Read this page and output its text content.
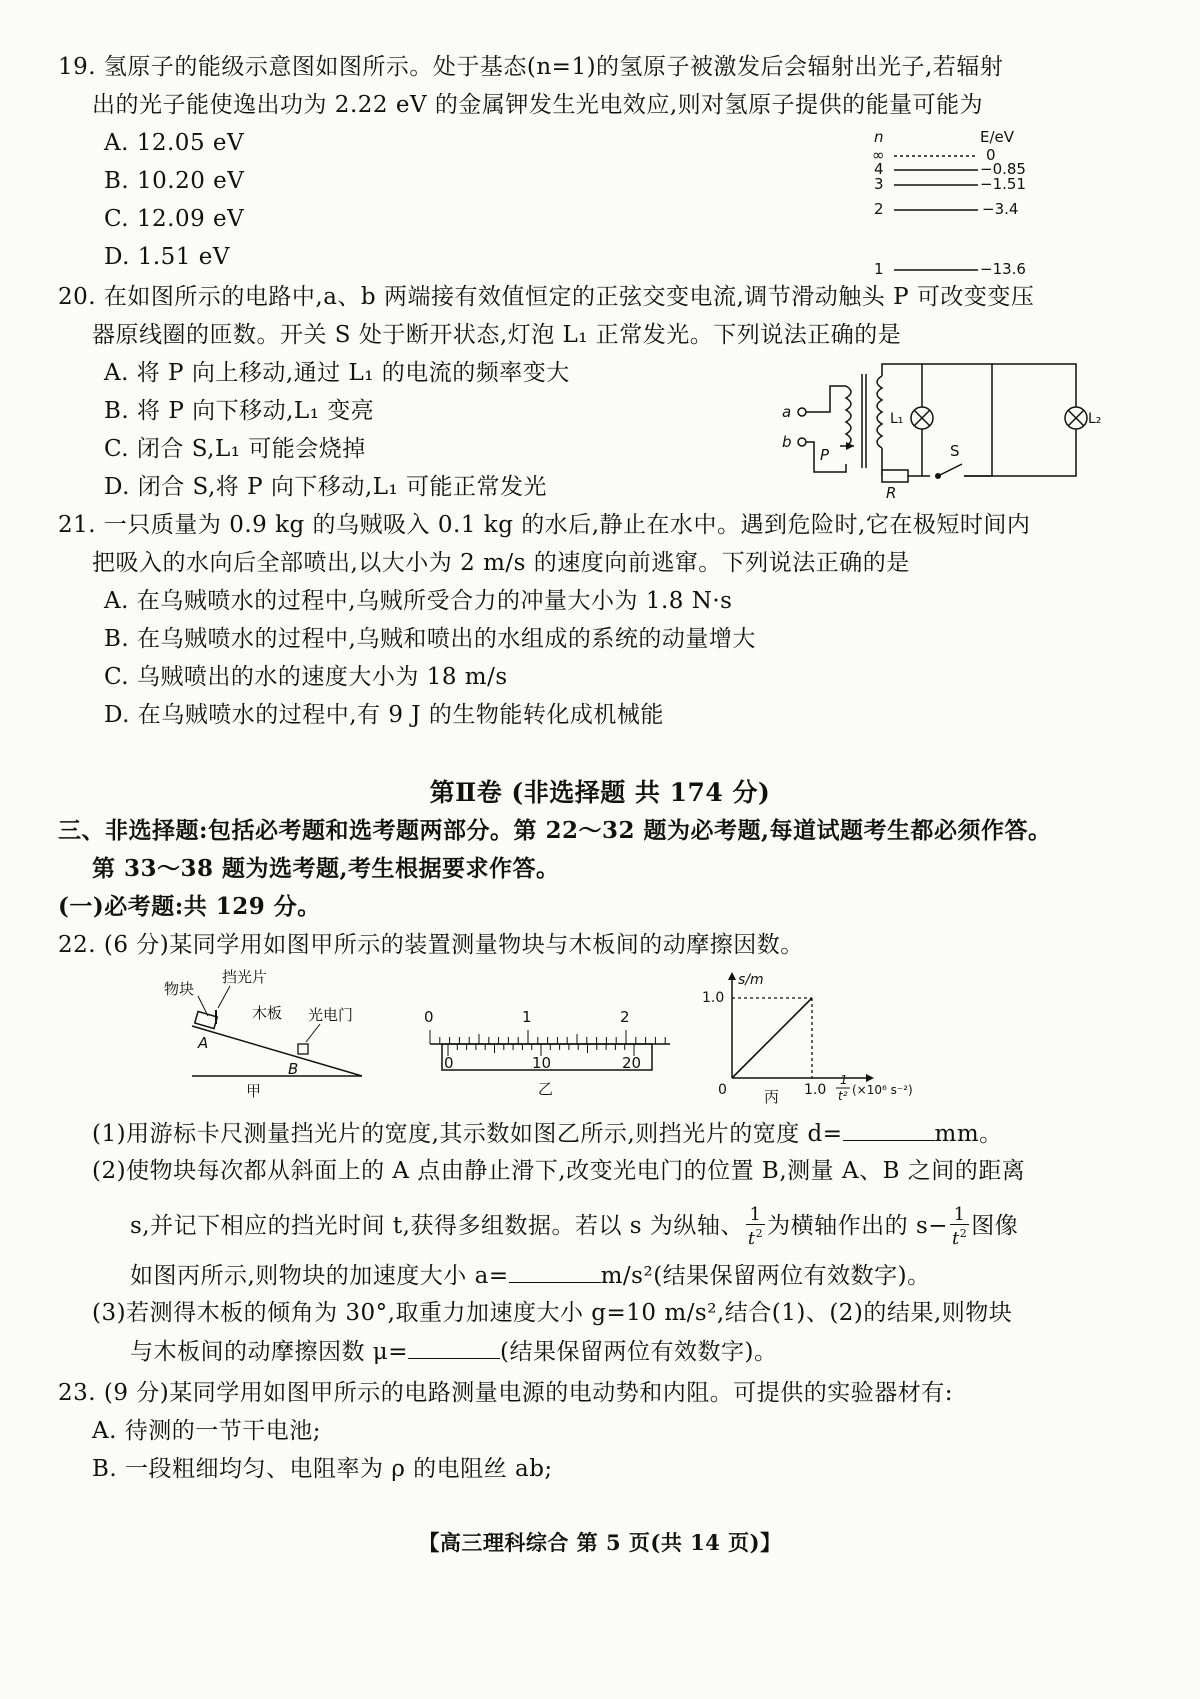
19. 氢原子的能级示意图如图所示。处于基态(n=1)的氢原子被激发后会辐射出光子,若辐射
出的光子能使逸出功为 2.22 eV 的金属钾发生光电效应,则对氢原子提供的能量可能为
A. 12.05 eV
B. 10.20 eV
C. 12.09 eV
D. 1.51 eV
n	E/eV
∞	0
4	−0.85
3	−1.51
2	−3.4
1	−13.6
20. 在如图所示的电路中,a、b 两端接有效值恒定的正弦交变电流,调节滑动触头 P 可改变变压
器原线圈的匝数。开关 S 处于断开状态,灯泡 L₁ 正常发光。下列说法正确的是
A. 将 P 向上移动,通过 L₁ 的电流的频率变大
B. 将 P 向下移动,L₁ 变亮
C. 闭合 S,L₁ 可能会烧掉
D. 闭合 S,将 P 向下移动,L₁ 可能正常发光
a
b
P
L₁
R
S
L₂
21. 一只质量为 0.9 kg 的乌贼吸入 0.1 kg 的水后,静止在水中。遇到危险时,它在极短时间内
把吸入的水向后全部喷出,以大小为 2 m/s 的速度向前逃窜。下列说法正确的是
A. 在乌贼喷水的过程中,乌贼所受合力的冲量大小为 1.8 N·s
B. 在乌贼喷水的过程中,乌贼和喷出的水组成的系统的动量增大
C. 乌贼喷出的水的速度大小为 18 m/s
D. 在乌贼喷水的过程中,有 9 J 的生物能转化成机械能
第Ⅱ卷 (非选择题 共 174 分)
三、非选择题:包括必考题和选考题两部分。第 22～32 题为必考题,每道试题考生都必须作答。
第 33～38 题为选考题,考生根据要求作答。
(一)必考题:共 129 分。
22. (6 分)某同学用如图甲所示的装置测量物块与木板间的动摩擦因数。
物块
挡光片
木板 光电门
A
B
甲
0	1	2
0	10	20
乙
s/m
1.0
0	1.0
1
t² (×10⁶ s⁻²)
丙
(1)用游标卡尺测量挡光片的宽度,其示数如图乙所示,则挡光片的宽度 d=	mm。
(2)使物块每次都从斜面上的 A 点由静止滑下,改变光电门的位置 B,测量 A、B 之间的距离
s,并记下相应的挡光时间 t,获得多组数据。若以 s 为纵轴、 $\frac{1}{t^2}$ 为横轴作出的 $s- \frac{1}{t^2}$ 图像
如图丙所示,则物块的加速度大小 a=	m/s²(结果保留两位有效数字)。
(3)若测得木板的倾角为 30°,取重力加速度大小 g=10 m/s²,结合(1)、(2)的结果,则物块
与木板间的动摩擦因数 μ=	(结果保留两位有效数字)。
23. (9 分)某同学用如图甲所示的电路测量电源的电动势和内阻。可提供的实验器材有:
A. 待测的一节干电池;
B. 一段粗细均匀、电阻率为 ρ 的电阻丝 ab;
【高三理科综合 第 5 页(共 14 页)】
